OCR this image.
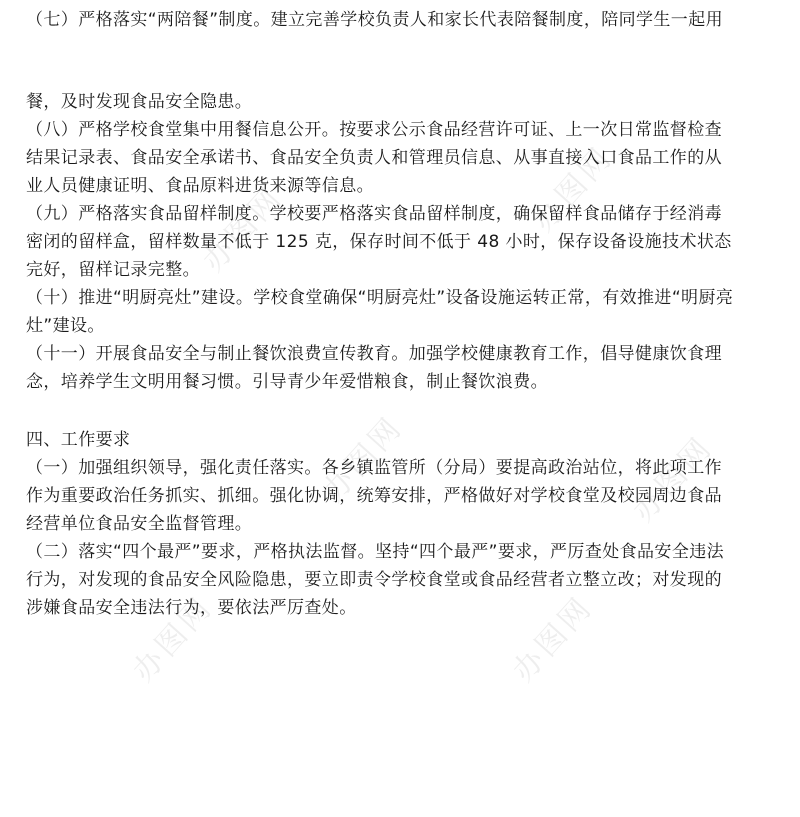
办图网
办图网
办图网
办图网
办图网
办图网
（七）严格落实“两陪餐”制度。建立完善学校负责人和家长代表陪餐制度，陪同学生一起用
餐，及时发现食品安全隐患。
（八）严格学校食堂集中用餐信息公开。按要求公示食品经营许可证、上一次日常监督检查
结果记录表、食品安全承诺书、食品安全负责人和管理员信息、从事直接入口食品工作的从
业人员健康证明、食品原料进货来源等信息。
（九）严格落实食品留样制度。学校要严格落实食品留样制度，确保留样食品储存于经消毒
密闭的留样盒，留样数量不低于 125 克，保存时间不低于 48 小时，保存设备设施技术状态
完好，留样记录完整。
（十）推进“明厨亮灶”建设。学校食堂确保“明厨亮灶”设备设施运转正常，有效推进“明厨亮
灶”建设。
（十一）开展食品安全与制止餐饮浪费宣传教育。加强学校健康教育工作，倡导健康饮食理
念，培养学生文明用餐习惯。引导青少年爱惜粮食，制止餐饮浪费。
四、工作要求
（一）加强组织领导，强化责任落实。各乡镇监管所（分局）要提高政治站位，将此项工作
作为重要政治任务抓实、抓细。强化协调，统筹安排，严格做好对学校食堂及校园周边食品
经营单位食品安全监督管理。
（二）落实“四个最严”要求，严格执法监督。坚持“四个最严”要求，严厉查处食品安全违法
行为，对发现的食品安全风险隐患，要立即责令学校食堂或食品经营者立整立改；对发现的
涉嫌食品安全违法行为，要依法严厉查处。
